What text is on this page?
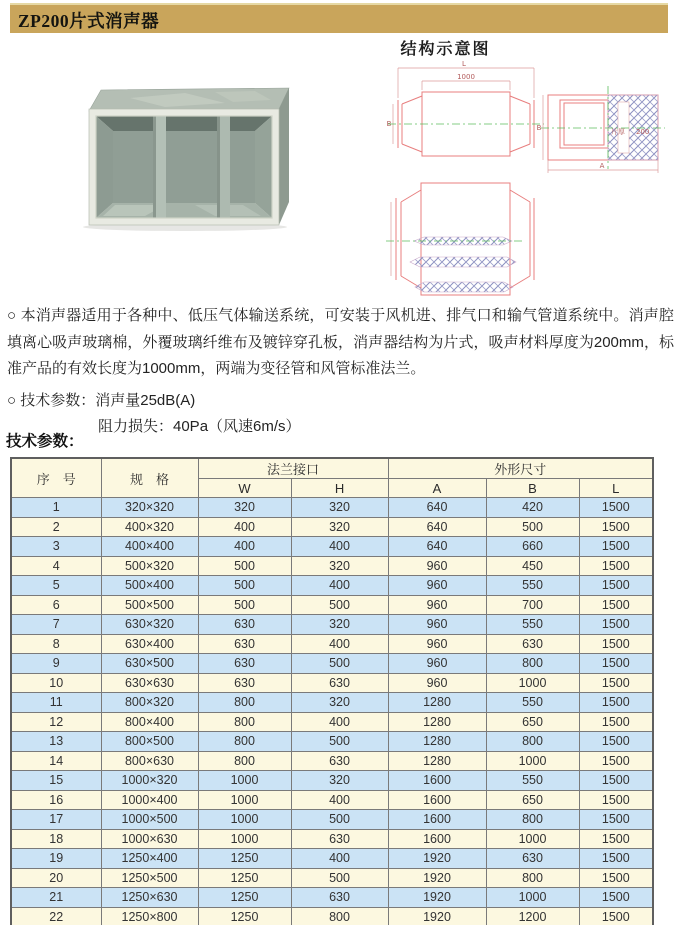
ZP200片式消声器
结构示意图
L
1000
B
片厚 200
A
B
○ 本消声器适用于各种中、低压气体输送系统，可安装于风机进、排气口和输气管道系统中。消声腔填离心吸声玻璃棉，外覆玻璃纤维布及镀锌穿孔板，消声器结构为片式，吸声材料厚度为200mm，标准产品的有效长度为1000mm，两端为变径管和风管标准法兰。
○ 技术参数：消声量25dB(A)
阻力损失：40Pa（风速6m/s）
技术参数：
序　号	规　格	法兰接口		外形尺寸		
		W	H	A	B	L
1	320×320	320	320	640	420	1500
2	400×320	400	320	640	500	1500
3	400×400	400	400	640	660	1500
4	500×320	500	320	960	450	1500
5	500×400	500	400	960	550	1500
6	500×500	500	500	960	700	1500
7	630×320	630	320	960	550	1500
8	630×400	630	400	960	630	1500
9	630×500	630	500	960	800	1500
10	630×630	630	630	960	1000	1500
11	800×320	800	320	1280	550	1500
12	800×400	800	400	1280	650	1500
13	800×500	800	500	1280	800	1500
14	800×630	800	630	1280	1000	1500
15	1000×320	1000	320	1600	550	1500
16	1000×400	1000	400	1600	650	1500
17	1000×500	1000	500	1600	800	1500
18	1000×630	1000	630	1600	1000	1500
19	1250×400	1250	400	1920	630	1500
20	1250×500	1250	500	1920	800	1500
21	1250×630	1250	630	1920	1000	1500
22	1250×800	1250	800	1920	1200	1500
